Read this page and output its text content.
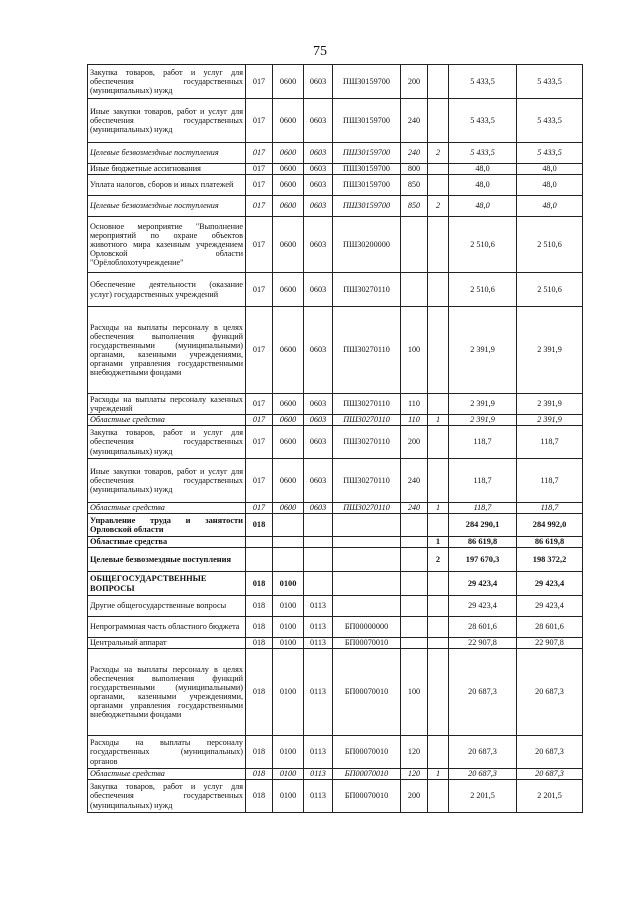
75
Закупка товаров, работ и услуг для обеспечения государственных (муниципальных) нужд	017	0600	0603	ПШ30159700	200		5 433,5	5 433,5
Иные закупки товаров, работ и услуг для обеспечения государственных (муниципальных) нужд	017	0600	0603	ПШ30159700	240		5 433,5	5 433,5
Целевые безвозмездные поступления	017	0600	0603	ПШ30159700	240	2	5 433,5	5 433,5
Иные бюджетные ассигнования	017	0600	0603	ПШ30159700	800		48,0	48,0
Уплата налогов, сборов и иных платежей	017	0600	0603	ПШ30159700	850		48,0	48,0
Целевые безвозмездные поступления	017	0600	0603	ПШ30159700	850	2	48,0	48,0
Основное мероприятие "Выполнение мероприятий по охране объектов животного мира казенным учреждением Орловской области "Орёлоблохотучреждение"	017	0600	0603	ПШ30200000			2 510,6	2 510,6
Обеспечение деятельности (оказание услуг) государственных учреждений	017	0600	0603	ПШ30270110			2 510,6	2 510,6
Расходы на выплаты персоналу в целях обеспечения выполнения функций государственными (муниципальными) органами, казенными учреждениями, органами управления государственными внебюджетными фондами	017	0600	0603	ПШ30270110	100		2 391,9	2 391,9
Расходы на выплаты персоналу казенных учреждений	017	0600	0603	ПШ30270110	110		2 391,9	2 391,9
Областные средства	017	0600	0603	ПШ30270110	110	1	2 391,9	2 391,9
Закупка товаров, работ и услуг для обеспечения государственных (муниципальных) нужд	017	0600	0603	ПШ30270110	200		118,7	118,7
Иные закупки товаров, работ и услуг для обеспечения государственных (муниципальных) нужд	017	0600	0603	ПШ30270110	240		118,7	118,7
Областные средства	017	0600	0603	ПШ30270110	240	1	118,7	118,7
Управление труда и занятости Орловской области	018						284 290,1	284 992,0
Областные средства						1	86 619,8	86 619,8
Целевые безвозмездные поступления						2	197 670,3	198 372,2
ОБЩЕГОСУДАРСТВЕННЫЕ ВОПРОСЫ	018	0100					29 423,4	29 423,4
Другие общегосударственные вопросы	018	0100	0113				29 423,4	29 423,4
Непрограммная часть областного бюджета	018	0100	0113	БП00000000			28 601,6	28 601,6
Центральный аппарат	018	0100	0113	БП00070010			22 907,8	22 907,8
Расходы на выплаты персоналу в целях обеспечения выполнения функций государственными (муниципальными) органами, казенными учреждениями, органами управления государственными внебюджетными фондами	018	0100	0113	БП00070010	100		20 687,3	20 687,3
Расходы на выплаты персоналу государственных (муниципальных) органов	018	0100	0113	БП00070010	120		20 687,3	20 687,3
Областные средства	018	0100	0113	БП00070010	120	1	20 687,3	20 687,3
Закупка товаров, работ и услуг для обеспечения государственных (муниципальных) нужд	018	0100	0113	БП00070010	200		2 201,5	2 201,5
